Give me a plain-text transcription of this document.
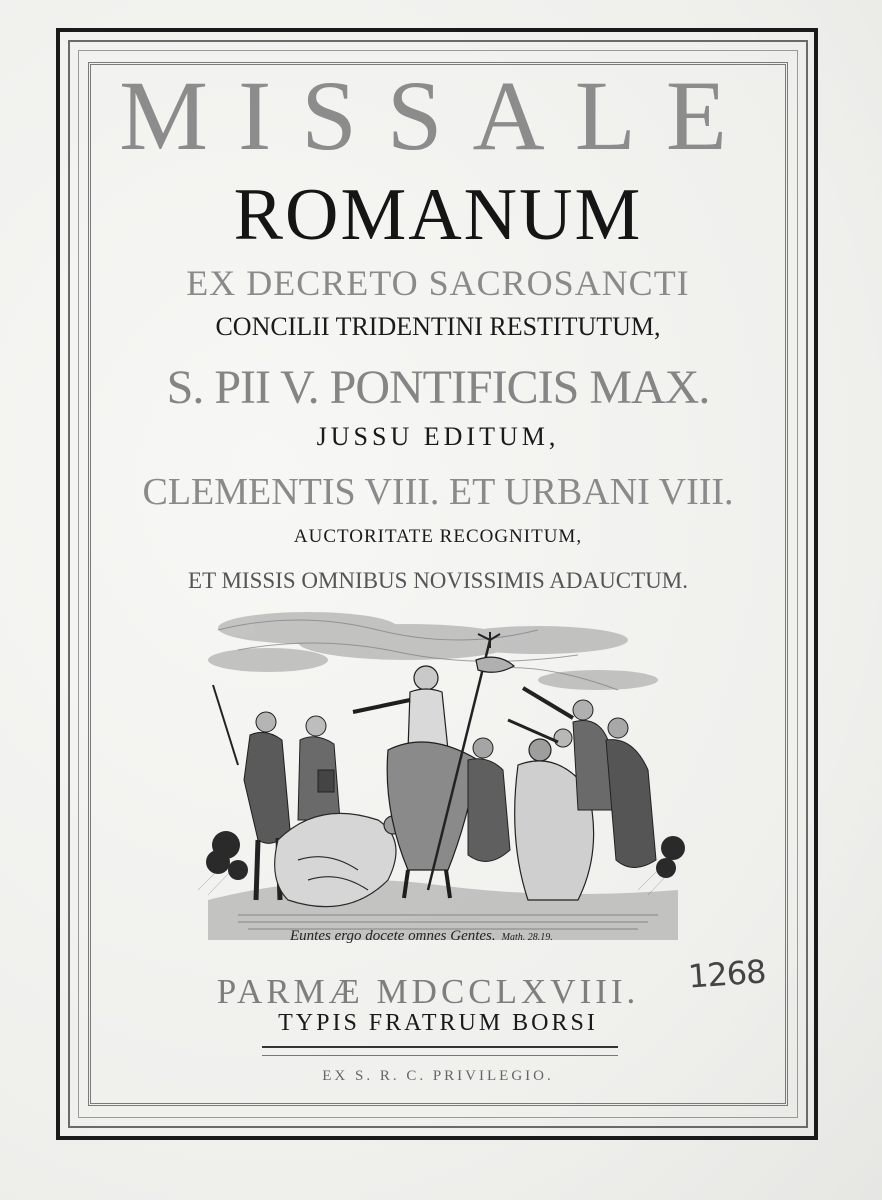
MISSALE
ROMANUM
EX DECRETO SACROSANCTI
CONCILII TRIDENTINI RESTITUTUM,
S. PII V. PONTIFICIS MAX.
JUSSU EDITUM,
CLEMENTIS VIII. ET URBANI VIII.
AUCTORITATE RECOGNITUM,
ET MISSIS OMNIBUS NOVISSIMIS ADAUCTUM.
Euntes ergo docete omnes Gentes. Math. 28.19.
PARMÆ MDCCLXVIII.	1268
TYPIS FRATRUM BORSI
EX S. R. C. PRIVILEGIO.
